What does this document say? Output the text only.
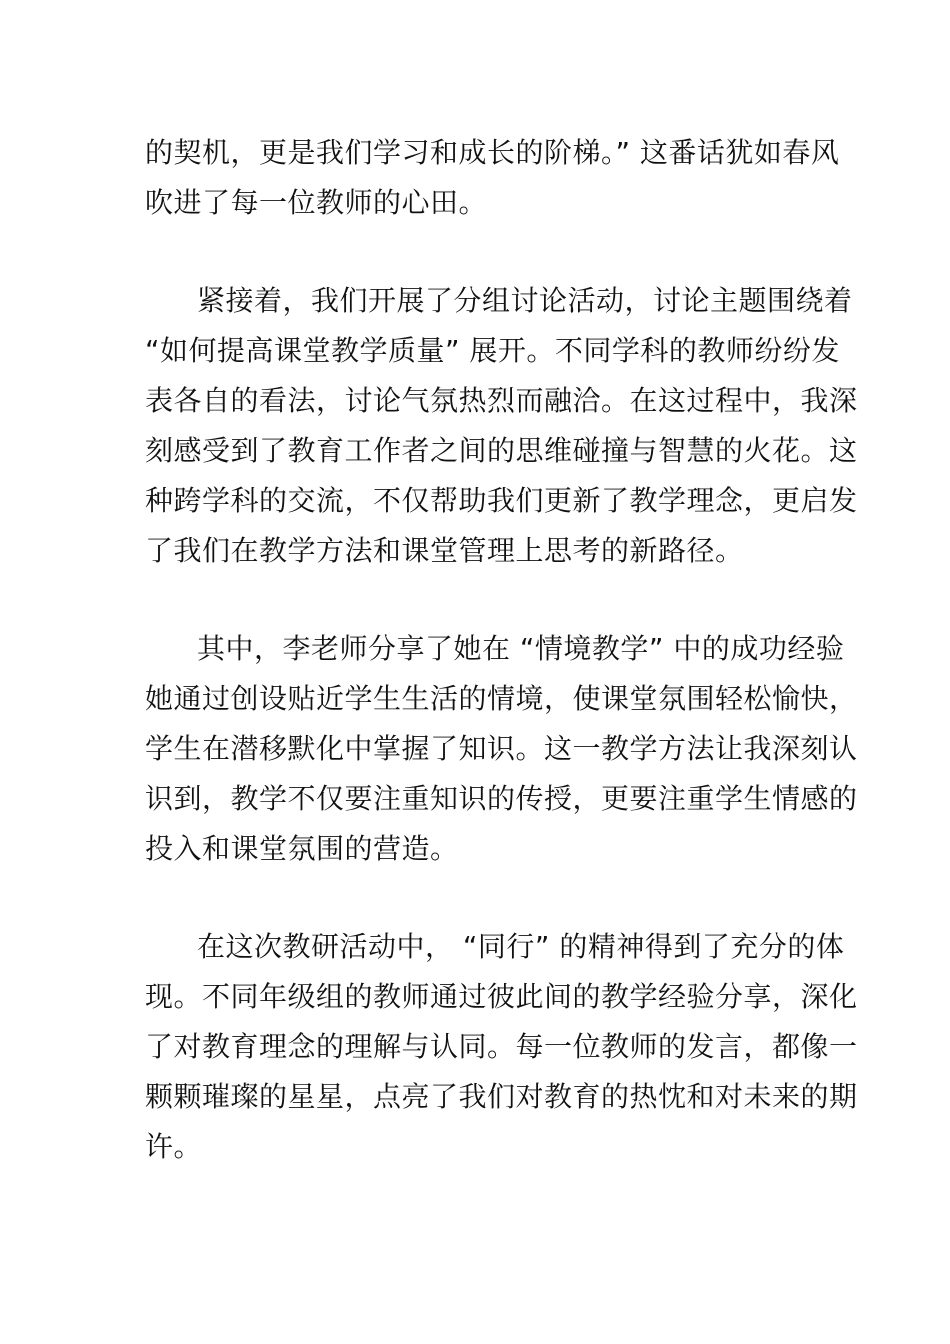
的契机，更是我们学习和成长的阶梯。” 这番话犹如春风
吹进了每一位教师的心田。
紧接着，我们开展了分组讨论活动，讨论主题围绕着
“如何提高课堂教学质量” 展开。不同学科的教师纷纷发
表各自的看法，讨论气氛热烈而融洽。在这过程中，我深
刻感受到了教育工作者之间的思维碰撞与智慧的火花。这
种跨学科的交流，不仅帮助我们更新了教学理念，更启发
了我们在教学方法和课堂管理上思考的新路径。
其中，李老师分享了她在 “情境教学” 中的成功经验
她通过创设贴近学生生活的情境，使课堂氛围轻松愉快，
学生在潜移默化中掌握了知识。这一教学方法让我深刻认
识到，教学不仅要注重知识的传授，更要注重学生情感的
投入和课堂氛围的营造。
在这次教研活动中， “同行” 的精神得到了充分的体
现。不同年级组的教师通过彼此间的教学经验分享，深化
了对教育理念的理解与认同。每一位教师的发言，都像一
颗颗璀璨的星星，点亮了我们对教育的热忱和对未来的期
许。
